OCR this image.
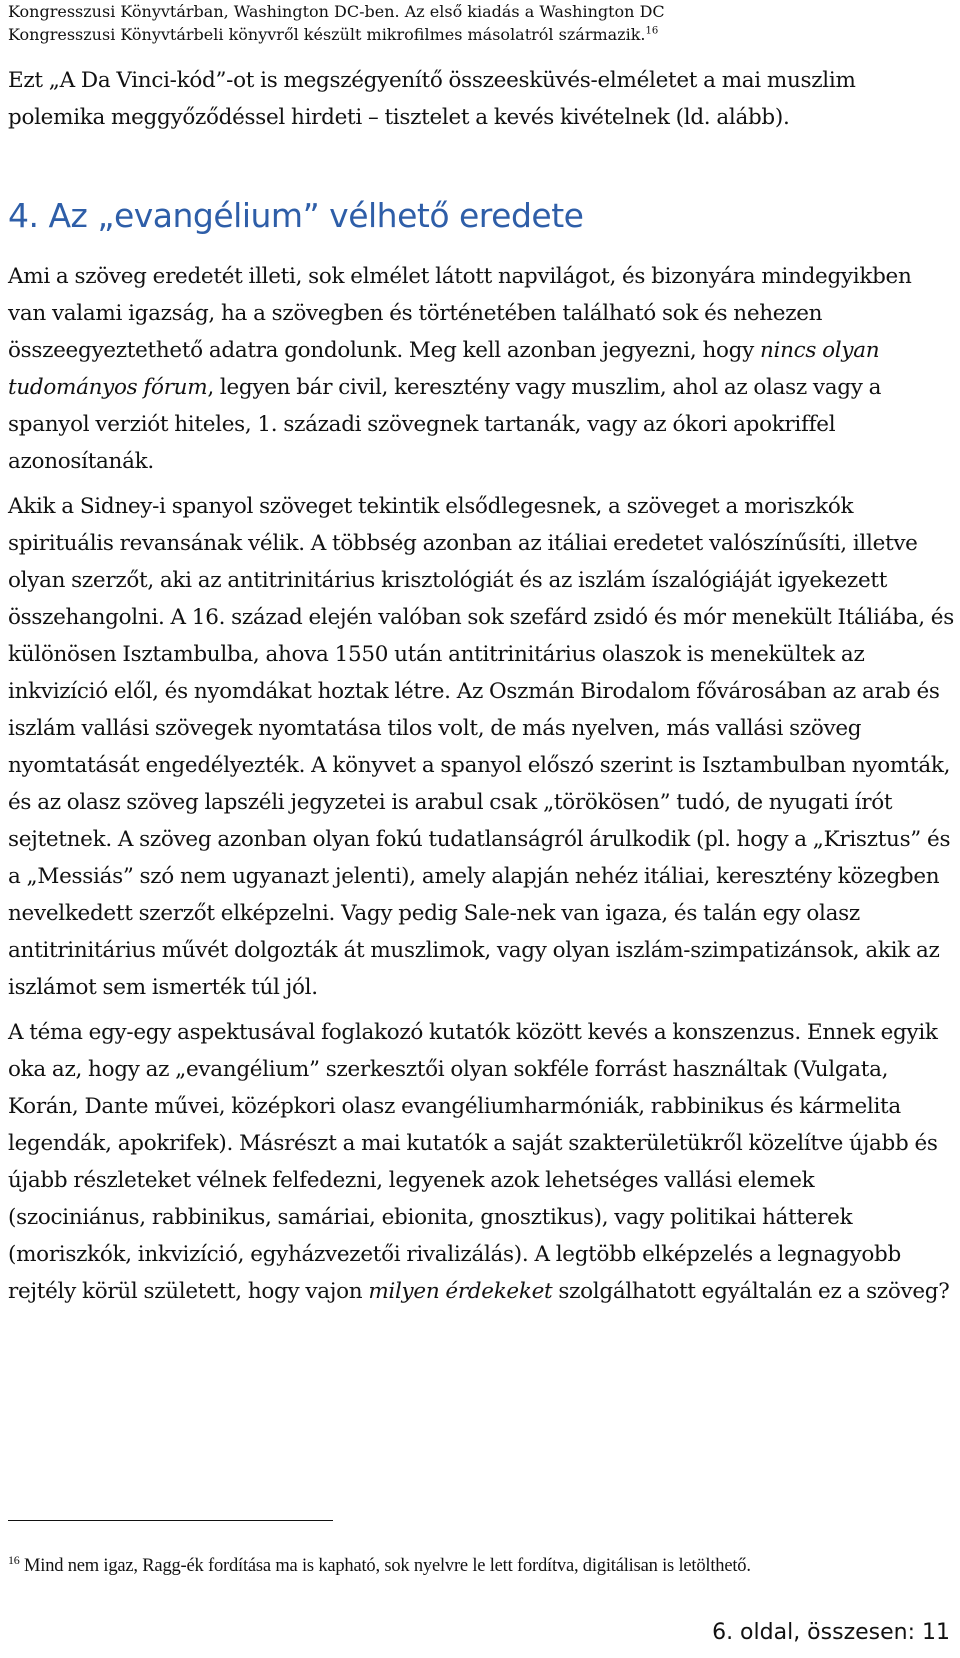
Kongresszusi Könyvtárban, Washington DC-ben. Az első kiadás a Washington DC
Kongresszusi Könyvtárbeli könyvről készült mikrofilmes másolatról származik.$^{16}$

Ezt „A Da Vinci-kód”-ot is megszégyenítő összeesküvés-elméletet a mai muszlim polemika meggyőződéssel hirdeti – tisztelet a kevés kivételnek (ld. alább).

4. Az „evangélium” vélhető eredete

Ami a szöveg eredetét illeti, sok elmélet látott napvilágot, és bizonyára mindegyikben van valami igazság, ha a szövegben és történetében található sok és nehezen összeegyeztethető adatra gondolunk. Meg kell azonban jegyezni, hogy nincs olyan tudományos fórum, legyen bár civil, keresztény vagy muszlim, ahol az olasz vagy a spanyol verziót hiteles, 1. századi szövegnek tartanák, vagy az ókori apokriffel azonosítanák.

Akik a Sidney-i spanyol szöveget tekintik elsődlegesnek, a szöveget a moriszkók spirituális revansának vélik. A többség azonban az itáliai eredetet valószínűsíti, illetve olyan szerzőt, aki az antitrinitárius krisztológiát és az iszlám íszalógiáját igyekezett összehangolni. A 16. század elején valóban sok szefárd zsidó és mór menekült Itáliába, és különösen Isztambulba, ahova 1550 után antitrinitárius olaszok is menekültek az inkvizíció elől, és nyomdákat hoztak létre. Az Oszmán Birodalom fővárosában az arab és iszlám vallási szövegek nyomtatása tilos volt, de más nyelven, más vallási szöveg nyomtatását engedélyezték. A könyvet a spanyol előszó szerint is Isztambulban nyomták, és az olasz szöveg lapszéli jegyzetei is arabul csak „törökösen” tudó, de nyugati írót sejtetnek. A szöveg azonban olyan fokú tudatlanságról árulkodik (pl. hogy a „Krisztus” és a „Messiás” szó nem ugyanazt jelenti), amely alapján nehéz itáliai, keresztény közegben nevelkedett szerzőt elképzelni. Vagy pedig Sale-nek van igaza, és talán egy olasz antitrinitárius művét dolgozták át muszlimok, vagy olyan iszlám-szimpatizánsok, akik az iszlámot sem ismerték túl jól.

A téma egy-egy aspektusával foglakozó kutatók között kevés a konszenzus. Ennek egyik oka az, hogy az „evangélium” szerkesztői olyan sokféle forrást használtak (Vulgata, Korán, Dante művei, középkori olasz evangéliumharmóniák, rabbinikus és kármelita legendák, apokrifek). Másrészt a mai kutatók a saját szakterületükről közelítve újabb és újabb részleteket vélnek felfedezni, legyenek azok lehetséges vallási elemek (szociniánus, rabbinikus, samáriai, ebionita, gnosztikus), vagy politikai hátterek (moriszkók, inkvizíció, egyházvezetői rivalizálás). A legtöbb elképzelés a legnagyobb rejtély körül született, hogy vajon milyen érdekeket szolgálhatott egyáltalán ez a szöveg?

$^{16}$ Mind nem igaz, Ragg-ék fordítása ma is kapható, sok nyelvre le lett fordítva, digitálisan is letölthető.
6. oldal, összesen: 11
